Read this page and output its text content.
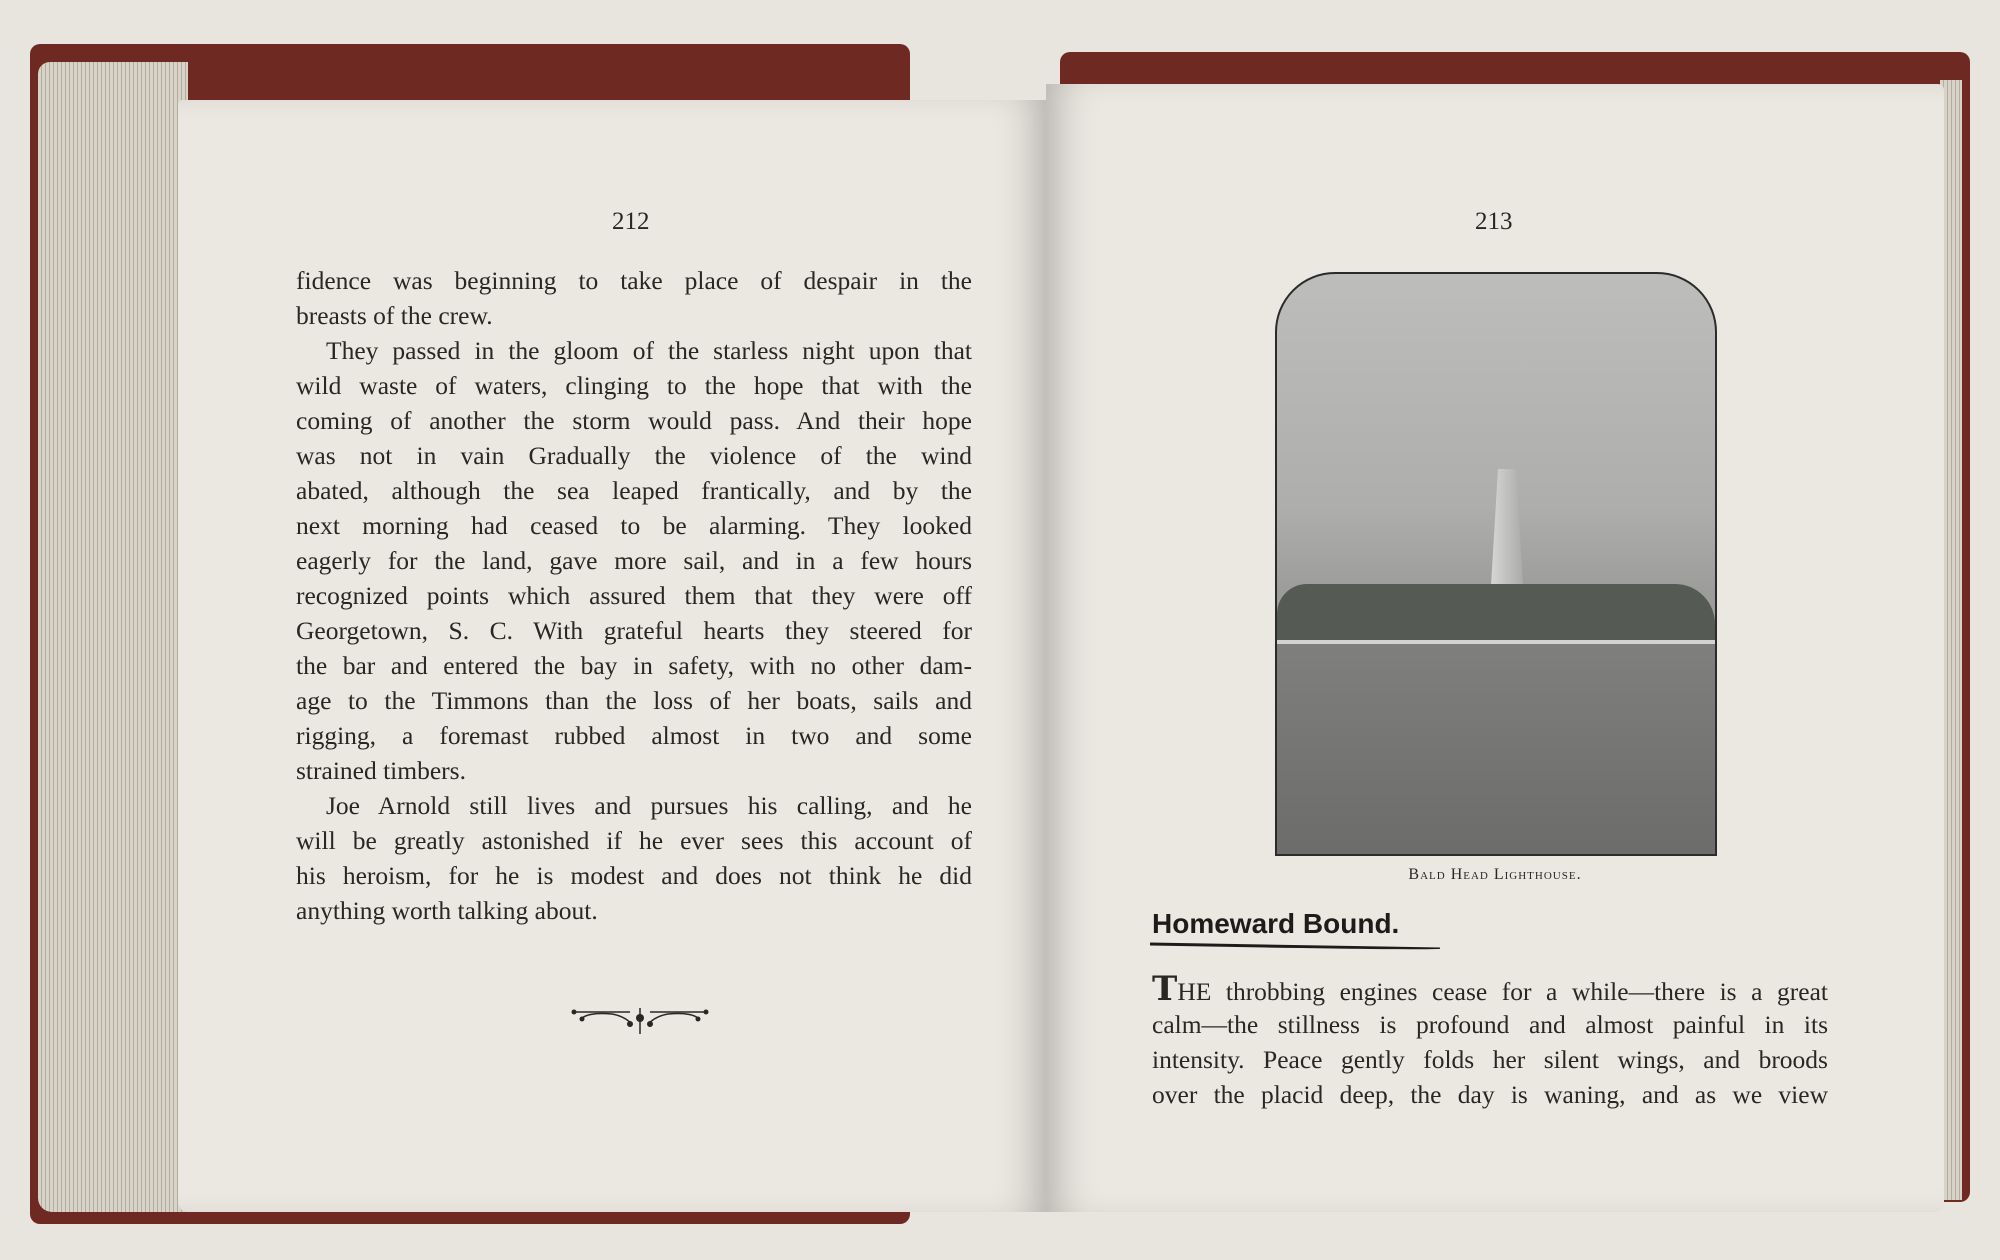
212
fidence was beginning to take place of despair in the
breasts of the crew.
They passed in the gloom of the starless night upon that
wild waste of waters, clinging to the hope that with the
coming of another the storm would pass. And their hope
was not in vain Gradually the violence of the wind
abated, although the sea leaped frantically, and by the
next morning had ceased to be alarming. They looked
eagerly for the land, gave more sail, and in a few hours
recognized points which assured them that they were off
Georgetown, S. C. With grateful hearts they steered for
the bar and entered the bay in safety, with no other dam-
age to the Timmons than the loss of her boats, sails and
rigging, a foremast rubbed almost in two and some
strained timbers.
Joe Arnold still lives and pursues his calling, and he
will be greatly astonished if he ever sees this account of
his heroism, for he is modest and does not think he did
anything worth talking about.
213
Bald Head Lighthouse.
Homeward Bound.
THE throbbing engines cease for a while—there is a great
calm—the stillness is profound and almost painful in its
intensity. Peace gently folds her silent wings, and broods
over the placid deep, the day is waning, and as we view
